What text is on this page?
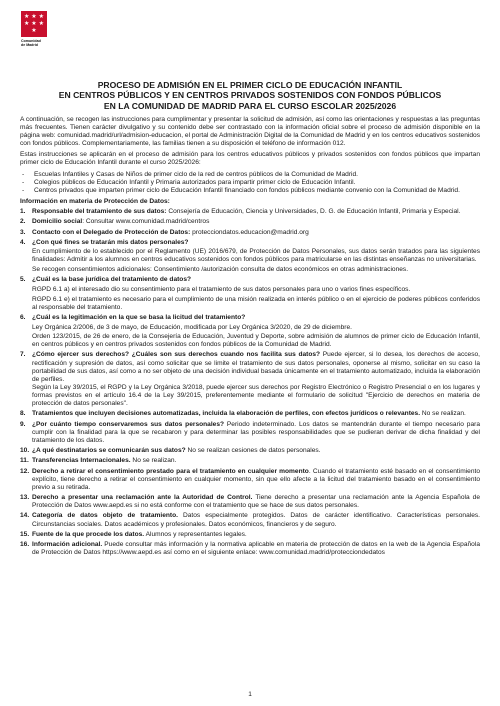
★ ★ ★
★ ★ ★
★
Comunidad
de Madrid
PROCESO DE ADMISIÓN EN EL PRIMER CICLO DE EDUCACIÓN INFANTIL
EN CENTROS PÚBLICOS Y EN CENTROS PRIVADOS SOSTENIDOS CON FONDOS PÚBLICOS
EN LA COMUNIDAD DE MADRID PARA EL CURSO ESCOLAR 2025/2026

A continuación, se recogen las instrucciones para cumplimentar y presentar la solicitud de admisión, así como las orientaciones y respuestas a las preguntas más frecuentes. Tienen carácter divulgativo y su contenido debe ser contrastado con la información oficial sobre el proceso de admisión disponible en la página web: comunidad.madrid/url/admision-educacion, el portal de Administración Digital de la Comunidad de Madrid y en los centros educativos sostenidos con fondos públicos. Complementariamente, las familias tienen a su disposición el teléfono de información 012.

Estas instrucciones se aplicarán en el proceso de admisión para los centros educativos públicos y privados sostenidos con fondos públicos que impartan primer ciclo de Educación Infantil durante el curso 2025/2026:

- Escuelas Infantiles y Casas de Niños de primer ciclo de la red de centros públicos de la Comunidad de Madrid.
- Colegios públicos de Educación Infantil y Primaria autorizados para impartir primer ciclo de Educación Infantil.
- Centros privados que imparten primer ciclo de Educación Infantil financiado con fondos públicos mediante convenio con la Comunidad de Madrid.
Información en materia de Protección de Datos:
1. Responsable del tratamiento de sus datos: Consejería de Educación, Ciencia y Universidades, D. G. de Educación Infantil, Primaria y Especial.
2. Domicilio social: Consultar www.comunidad.madrid/centros
3. Contacto con el Delegado de Protección de Datos: protecciondatos.educacion@madrid.org
4. ¿Con qué fines se tratarán mis datos personales?
En cumplimiento de lo establecido por el Reglamento (UE) 2016/679, de Protección de Datos Personales, sus datos serán tratados para las siguientes finalidades: Admitir a los alumnos en centros educativos sostenidos con fondos públicos para matricularse en las distintas enseñanzas no universitarias.
Se recogen consentimientos adicionales: Consentimiento /autorización consulta de datos económicos en otras administraciones.
5. ¿Cuál es la base jurídica del tratamiento de datos?
RGPD 6.1 a) el interesado dio su consentimiento para el tratamiento de sus datos personales para uno o varios fines específicos.
RGPD 6.1 e) el tratamiento es necesario para el cumplimiento de una misión realizada en interés público o en el ejercicio de poderes públicos conferidos al responsable del tratamiento.
6. ¿Cuál es la legitimación en la que se basa la licitud del tratamiento?
Ley Orgánica 2/2006, de 3 de mayo, de Educación, modificada por Ley Orgánica 3/2020, de 29 de diciembre.
Orden 123/2015, de 26 de enero, de la Consejería de Educación, Juventud y Deporte, sobre admisión de alumnos de primer ciclo de Educación Infantil, en centros públicos y en centros privados sostenidos con fondos públicos de la Comunidad de Madrid.
7. ¿Cómo ejercer sus derechos? ¿Cuáles son sus derechos cuando nos facilita sus datos? Puede ejercer, si lo desea, los derechos de acceso, rectificación y supresión de datos, así como solicitar que se limite el tratamiento de sus datos personales, oponerse al mismo, solicitar en su caso la portabilidad de sus datos, así como a no ser objeto de una decisión individual basada únicamente en el tratamiento automatizado, incluida la elaboración de perfiles.
Según la Ley 39/2015, el RGPD y la Ley Orgánica 3/2018, puede ejercer sus derechos por Registro Electrónico o Registro Presencial o en los lugares y formas previstos en el artículo 16.4 de la Ley 39/2015, preferentemente mediante el formulario de solicitud "Ejercicio de derechos en materia de protección de datos personales".
8. Tratamientos que incluyen decisiones automatizadas, incluida la elaboración de perfiles, con efectos jurídicos o relevantes. No se realizan.
9. ¿Por cuánto tiempo conservaremos sus datos personales? Periodo indeterminado. Los datos se mantendrán durante el tiempo necesario para cumplir con la finalidad para la que se recabaron y para determinar las posibles responsabilidades que se pudieran derivar de dicha finalidad y del tratamiento de los datos.
10. ¿A qué destinatarios se comunicarán sus datos? No se realizan cesiones de datos personales.
11. Transferencias Internacionales. No se realizan.
12. Derecho a retirar el consentimiento prestado para el tratamiento en cualquier momento. Cuando el tratamiento esté basado en el consentimiento explícito, tiene derecho a retirar el consentimiento en cualquier momento, sin que ello afecte a la licitud del tratamiento basado en el consentimiento previo a su retirada.
13. Derecho a presentar una reclamación ante la Autoridad de Control. Tiene derecho a presentar una reclamación ante la Agencia Española de Protección de Datos www.aepd.es si no está conforme con el tratamiento que se hace de sus datos personales.
14. Categoría de datos objeto de tratamiento. Datos especialmente protegidos. Datos de carácter identificativo. Características personales. Circunstancias sociales. Datos académicos y profesionales. Datos económicos, financieros y de seguro.
15. Fuente de la que procede los datos. Alumnos y representantes legales.
16. Información adicional. Puede consultar más información y la normativa aplicable en materia de protección de datos en la web de la Agencia Española de Protección de Datos https://www.aepd.es así como en el siguiente enlace: www.comunidad.madrid/protecciondedatos
1
